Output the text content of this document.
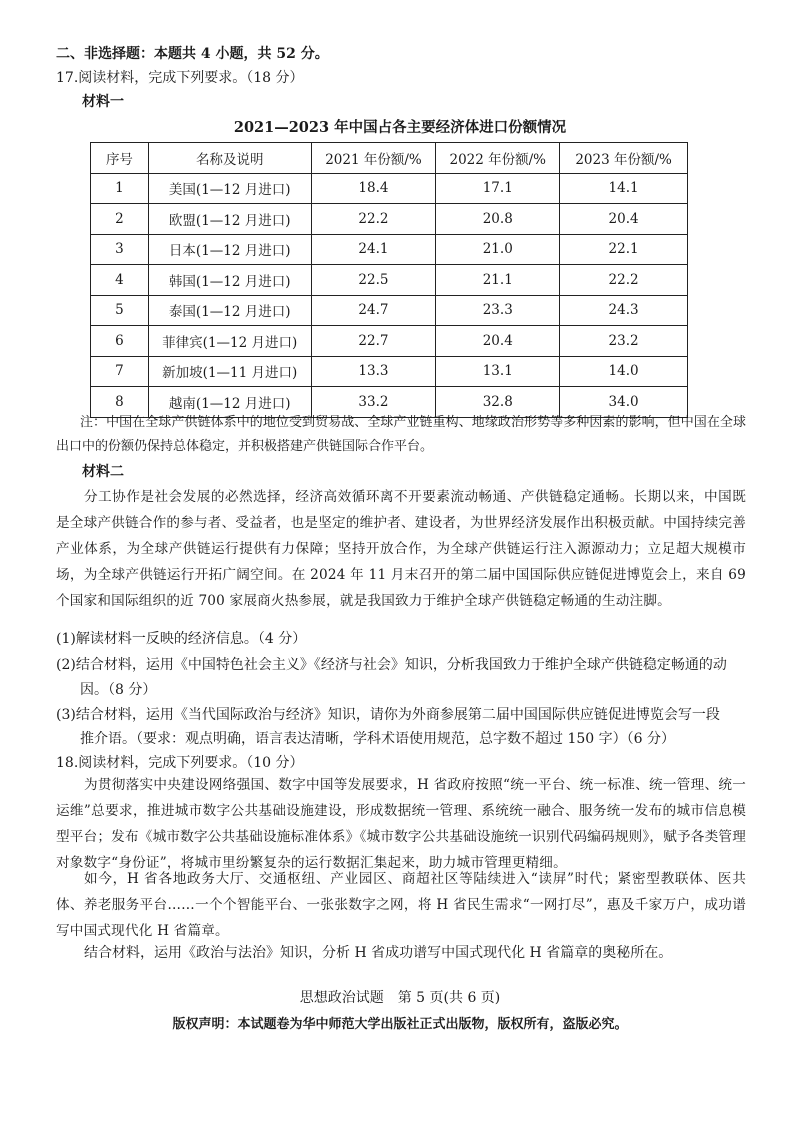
二、非选择题：本题共 4 小题，共 52 分。
17.阅读材料，完成下列要求。（18 分）
材料一
2021—2023 年中国占各主要经济体进口份额情况
序号	名称及说明	2021 年份额/%	2022 年份额/%	2023 年份额/%
1	美国(1—12 月进口)	18.4	17.1	14.1
2	欧盟(1—12 月进口)	22.2	20.8	20.4
3	日本(1—12 月进口)	24.1	21.0	22.1
4	韩国(1—12 月进口)	22.5	21.1	22.2
5	泰国(1—12 月进口)	24.7	23.3	24.3
6	菲律宾(1—12 月进口)	22.7	20.4	23.2
7	新加坡(1—11 月进口)	13.3	13.1	14.0
8	越南(1—12 月进口)	33.2	32.8	34.0
注：中国在全球产供链体系中的地位受到贸易战、全球产业链重构、地缘政治形势等多种因素的影响，但中国在全球出口中的份额仍保持总体稳定，并积极搭建产供链国际合作平台。
材料二
分工协作是社会发展的必然选择，经济高效循环离不开要素流动畅通、产供链稳定通畅。长期以来，中国既是全球产供链合作的参与者、受益者，也是坚定的维护者、建设者，为世界经济发展作出积极贡献。中国持续完善产业体系，为全球产供链运行提供有力保障；坚持开放合作，为全球产供链运行注入源源动力；立足超大规模市场，为全球产供链运行开拓广阔空间。在 2024 年 11 月末召开的第二届中国国际供应链促进博览会上，来自 69 个国家和国际组织的近 700 家展商火热参展，就是我国致力于维护全球产供链稳定畅通的生动注脚。
(1)解读材料一反映的经济信息。（4 分）
(2)结合材料，运用《中国特色社会主义》《经济与社会》知识，分析我国致力于维护全球产供链稳定畅通的动
因。（8 分）
(3)结合材料，运用《当代国际政治与经济》知识，请你为外商参展第二届中国国际供应链促进博览会写一段
推介语。（要求：观点明确，语言表达清晰，学科术语使用规范，总字数不超过 150 字）（6 分）
18.阅读材料，完成下列要求。（10 分）
为贯彻落实中央建设网络强国、数字中国等发展要求，H 省政府按照“统一平台、统一标准、统一管理、统一运维”总要求，推进城市数字公共基础设施建设，形成数据统一管理、系统统一融合、服务统一发布的城市信息模型平台；发布《城市数字公共基础设施标准体系》《城市数字公共基础设施统一识别代码编码规则》，赋予各类管理对象数字“身份证”，将城市里纷繁复杂的运行数据汇集起来，助力城市管理更精细。
如今，H 省各地政务大厅、交通枢纽、产业园区、商超社区等陆续进入“读屏”时代；紧密型教联体、医共体、养老服务平台……一个个智能平台、一张张数字之网，将 H 省民生需求“一网打尽”，惠及千家万户，成功谱写中国式现代化 H 省篇章。
结合材料，运用《政治与法治》知识，分析 H 省成功谱写中国式现代化 H 省篇章的奥秘所在。
思想政治试题　第 5 页(共 6 页)
版权声明：本试题卷为华中师范大学出版社正式出版物，版权所有，盗版必究。
